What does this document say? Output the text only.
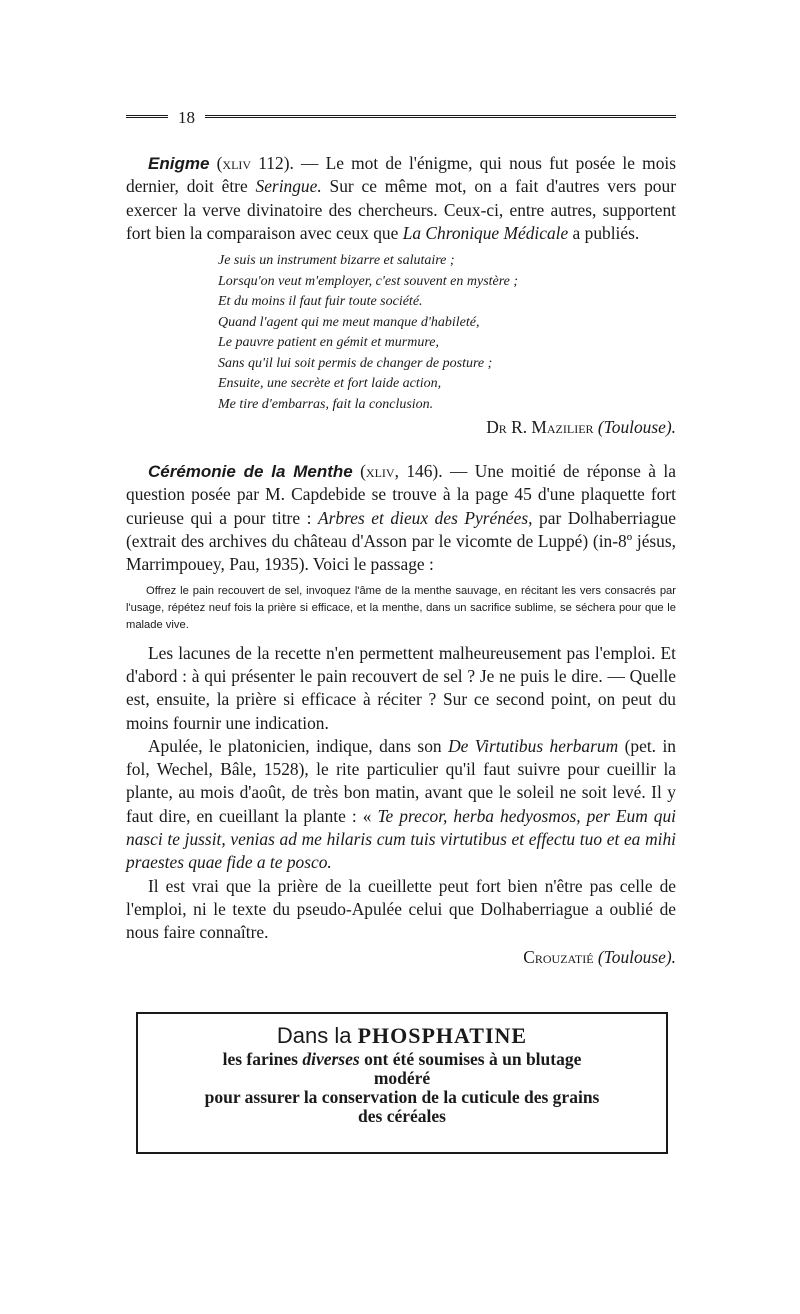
18

Enigme (xliv 112). — Le mot de l'énigme, qui nous fut posée le mois dernier, doit être Seringue. Sur ce même mot, on a fait d'autres vers pour exercer la verve divinatoire des chercheurs. Ceux-ci, entre autres, supportent fort bien la comparaison avec ceux que La Chronique Médicale a publiés.

Je suis un instrument bizarre et salutaire ;
Lorsqu'on veut m'employer, c'est souvent en mystère ;
Et du moins il faut fuir toute société.
Quand l'agent qui me meut manque d'habileté,
Le pauvre patient en gémit et murmure,
Sans qu'il lui soit permis de changer de posture ;
Ensuite, une secrète et fort laide action,
Me tire d'embarras, fait la conclusion.
Dr R. Mazilier (Toulouse).

Cérémonie de la Menthe (xliv, 146). — Une moitié de réponse à la question posée par M. Capdebide se trouve à la page 45 d'une plaquette fort curieuse qui a pour titre : Arbres et dieux des Pyrénées, par Dolhaberriague (extrait des archives du château d'Asson par le vicomte de Luppé) (in-8º jésus, Marrimpouey, Pau, 1935). Voici le passage :

Offrez le pain recouvert de sel, invoquez l'âme de la menthe sauvage, en récitant les vers consacrés par l'usage, répétez neuf fois la prière si efficace, et la menthe, dans un sacrifice sublime, se séchera pour que le malade vive.

Les lacunes de la recette n'en permettent malheureusement pas l'emploi. Et d'abord : à qui présenter le pain recouvert de sel ? Je ne puis le dire. — Quelle est, ensuite, la prière si efficace à réciter ? Sur ce second point, on peut du moins fournir une indication.

Apulée, le platonicien, indique, dans son De Virtutibus herbarum (pet. in fol, Wechel, Bâle, 1528), le rite particulier qu'il faut suivre pour cueillir la plante, au mois d'août, de très bon matin, avant que le soleil ne soit levé. Il y faut dire, en cueillant la plante : « Te precor, herba hedyosmos, per Eum qui nasci te jussit, venias ad me hilaris cum tuis virtutibus et effectu tuo et ea mihi praestes quae fide a te posco.

Il est vrai que la prière de la cueillette peut fort bien n'être pas celle de l'emploi, ni le texte du pseudo-Apulée celui que Dolhaberriague a oublié de nous faire connaître.

Crouzatié (Toulouse).
Dans la PHOSPHATINE
les farines diverses ont été soumises à un blutage
modéré
pour assurer la conservation de la cuticule des grains
des céréales
